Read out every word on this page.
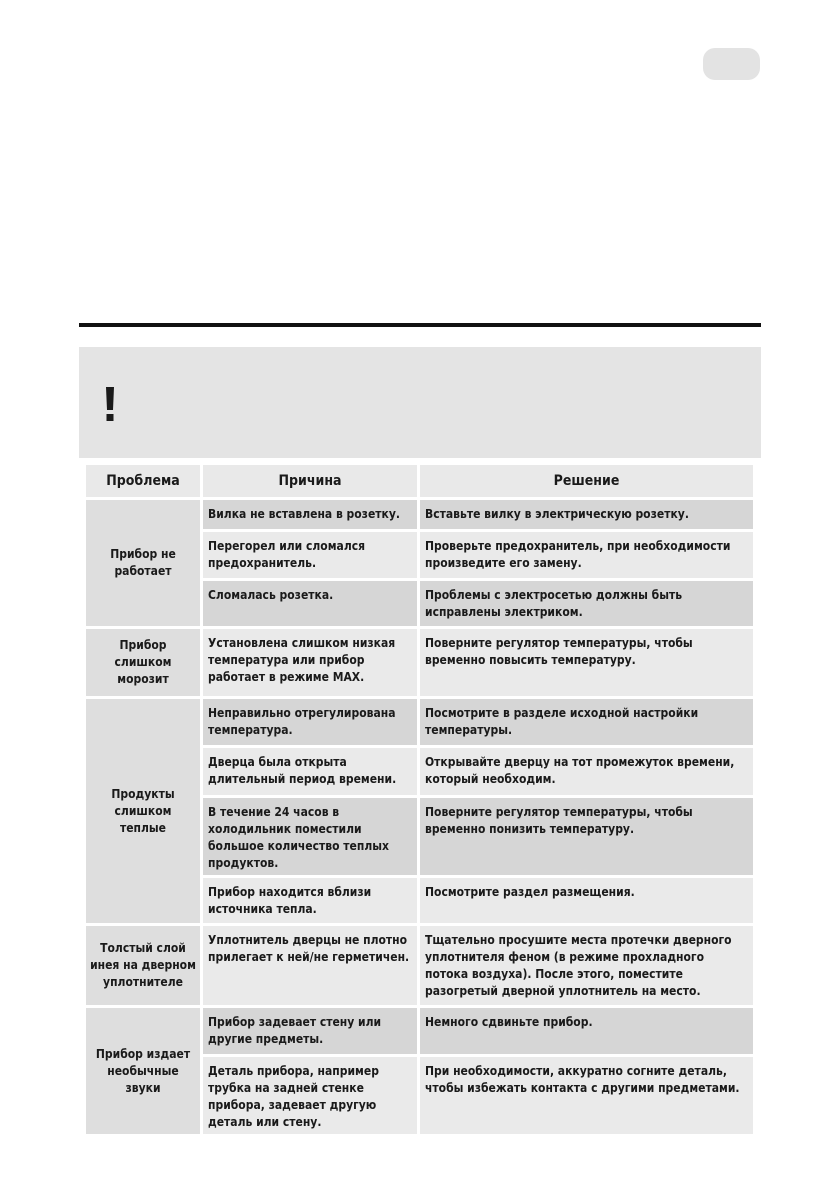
Проблема	Причина	Решение
Прибор не работает	Вилка не вставлена в розетку.	Вставьте вилку в электрическую розетку.
	Перегорел или сломался предохранитель.	Проверьте предохранитель, при необходимости произведите его замену.
	Сломалась розетка.	Проблемы с электросетью должны быть исправлены электриком.
Прибор слишком морозит	Установлена слишком низкая температура или прибор работает в режиме MAX.	Поверните регулятор температуры, чтобы временно повысить температуру.
Продукты слишком теплые	Неправильно отрегулирована температура.	Посмотрите в разделе исходной настройки температуры.
	Дверца была открыта длительный период времени.	Открывайте дверцу на тот промежуток времени, который необходим.
	В течение 24 часов в холодильник поместили большое количество теплых продуктов.	Поверните регулятор температуры, чтобы временно понизить температуру.
	Прибор находится вблизи источника тепла.	Посмотрите раздел размещения.
Толстый слой инея на дверном уплотнителе	Уплотнитель дверцы не плотно прилегает к ней/не герметичен.	Тщательно просушите места протечки дверного уплотнителя феном (в режиме прохладного потока воздуха). После этого, поместите разогретый дверной уплотнитель на место.
Прибор издает необычные звуки	Прибор задевает стену или другие предметы.	Немного сдвиньте прибор.
	Деталь прибора, например трубка на задней стенке прибора, задевает другую деталь или стену.	При необходимости, аккуратно согните деталь, чтобы избежать контакта с другими предметами.
